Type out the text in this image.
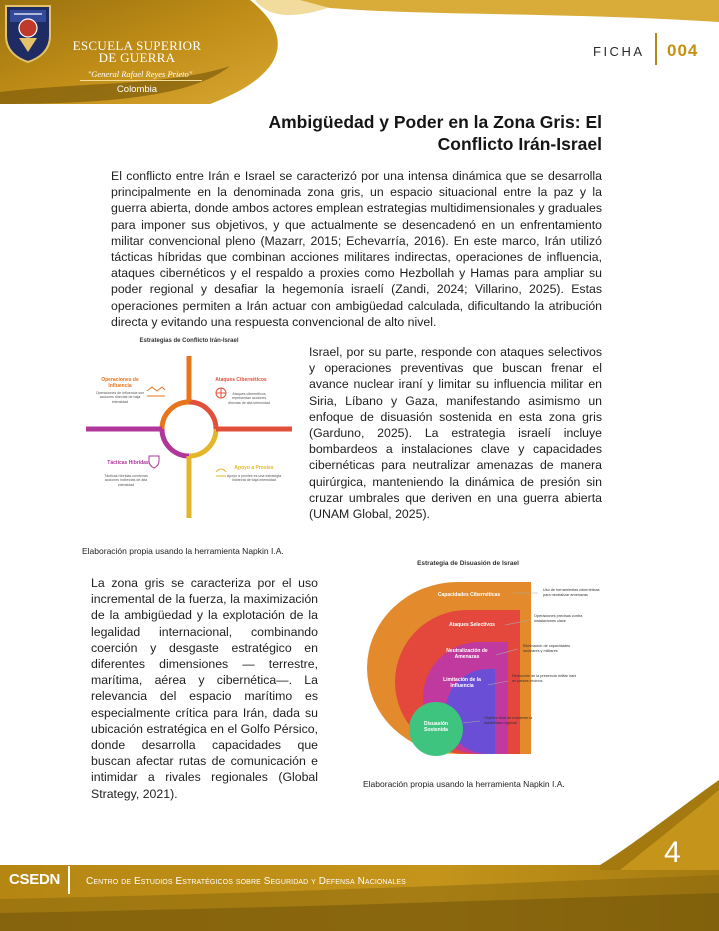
ESCUELA SUPERIOR
DE GUERRA
"General Rafael Reyes Prieto"
Colombia
FICHA 004
Ambigüedad y Poder en la Zona Gris: El
Conflicto Irán-Israel

El conflicto entre Irán e Israel se caracterizó por una intensa dinámica que se desarrolla principalmente en la denominada zona gris, un espacio situacional entre la paz y la guerra abierta, donde ambos actores emplean estrategias multidimensionales y graduales para imponer sus objetivos, y que actualmente se desencadenó en un enfrentamiento militar convencional pleno (Mazarr, 2015; Echevarría, 2016). En este marco, Irán utilizó tácticas híbridas que combinan acciones militares indirectas, operaciones de influencia, ataques cibernéticos y el respaldo a proxies como Hezbollah y Hamas para ampliar su poder regional y desafiar la hegemonía israelí (Zandi, 2024; Villarino, 2025). Estas operaciones permiten a Irán actuar con ambigüedad calculada, dificultando la atribución directa y evitando una respuesta convencional de alto nivel.

Israel, por su parte, responde con ataques selectivos y operaciones preventivas que buscan frenar el avance nuclear iraní y limitar su influencia militar en Siria, Líbano y Gaza, manifestando asimismo un enfoque de disuasión sostenida en esta zona gris (Garduno, 2025). La estrategia israelí incluye bombardeos a instalaciones clave y capacidades cibernéticas para neutralizar amenazas de manera quirúrgica, manteniendo la dinámica de presión sin cruzar umbrales que deriven en una guerra abierta (UNAM Global, 2025).

La zona gris se caracteriza por el uso incremental de la fuerza, la maximización de la ambigüedad y la explotación de la legalidad internacional, combinando coerción y desgaste estratégico en diferentes dimensiones — terrestre, marítima, aérea y cibernética—. La relevancia del espacio marítimo es especialmente crítica para Irán, dada su ubicación estratégica en el Golfo Pérsico, donde desarrolla capacidades que buscan afectar rutas de comunicación e intimidar a rivales regionales (Global Strategy, 2021).

Estrategias de Conflicto Irán-Israel
Operaciones de Influencia
Operaciones de influencia son acciones directas de baja intensidad
Ataques Cibernéticos
Ataques cibernéticos representan acciones directas de alta intensidad
Tácticas Híbridas
Tácticas híbridas combinan acciones indirectas de alta intensidad
Apoyo a Proxies
Apoyo a proxies es una estrategia indirecta de baja intensidad
Elaboración propia usando la herramienta Napkin I.A.
Estrategia de Disuasión de Israel
Capacidades Cibernéticas
Uso de herramientas cibernéticas para neutralizar amenazas
Ataques Selectivos
Operaciones precisas contra instalaciones clave
Neutralización de Amenazas
Eliminación de capacidades nucleares y militares
Limitación de la Influencia
Reducción de la presencia militar iraní en países vecinos
Disuasión Sostenida
Objetivo final de mantener la estabilidad regional
Elaboración propia usando la herramienta Napkin I.A.
4
CSEDN	Centro de Estudios Estratégicos sobre Seguridad y Defensa Nacionales
